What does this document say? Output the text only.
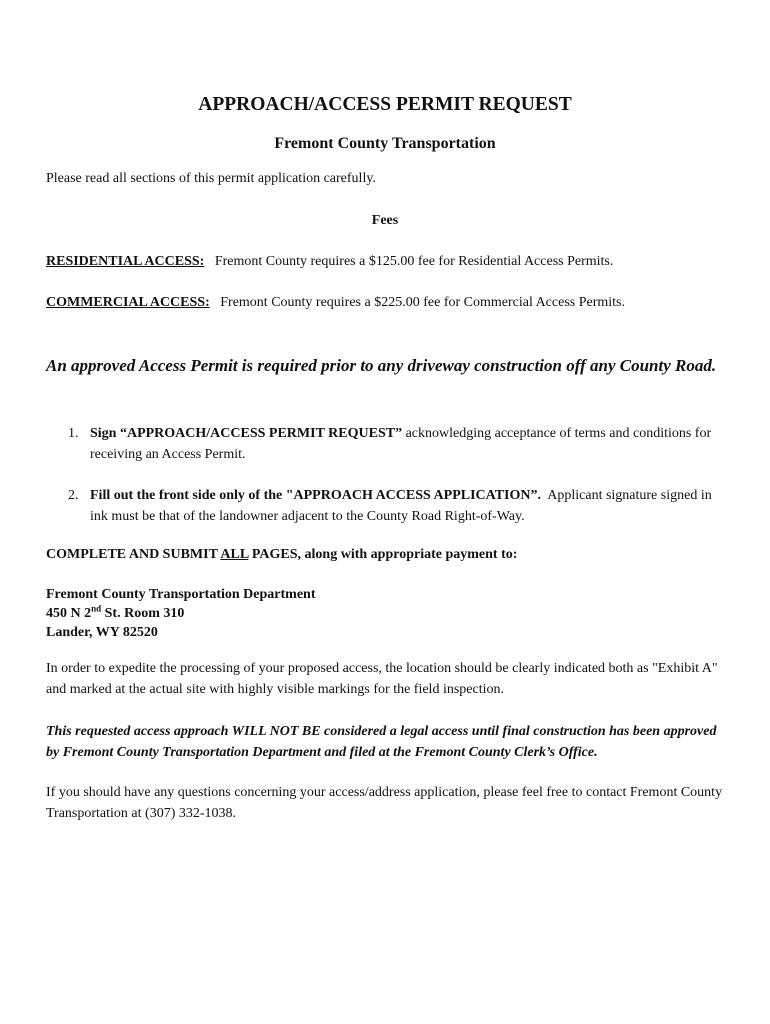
APPROACH/ACCESS PERMIT REQUEST
Fremont County Transportation

Please read all sections of this permit application carefully.

Fees

RESIDENTIAL ACCESS: Fremont County requires a $125.00 fee for Residential Access Permits.

COMMERCIAL ACCESS: Fremont County requires a $225.00 fee for Commercial Access Permits.

An approved Access Permit is required prior to any driveway construction off any County Road.

1. Sign “APPROACH/ACCESS PERMIT REQUEST” acknowledging acceptance of terms and conditions for receiving an Access Permit.
2. Fill out the front side only of the "APPROACH ACCESS APPLICATION”. Applicant signature signed in ink must be that of the landowner adjacent to the County Road Right-of-Way.

COMPLETE AND SUBMIT ALL PAGES, along with appropriate payment to:

Fremont County Transportation Department
450 N 2nd St. Room 310
Lander, WY 82520

In order to expedite the processing of your proposed access, the location should be clearly indicated both as "Exhibit A" and marked at the actual site with highly visible markings for the field inspection.

This requested access approach WILL NOT BE considered a legal access until final construction has been approved by Fremont County Transportation Department and filed at the Fremont County Clerk’s Office.

If you should have any questions concerning your access/address application, please feel free to contact Fremont County Transportation at (307) 332-1038.
